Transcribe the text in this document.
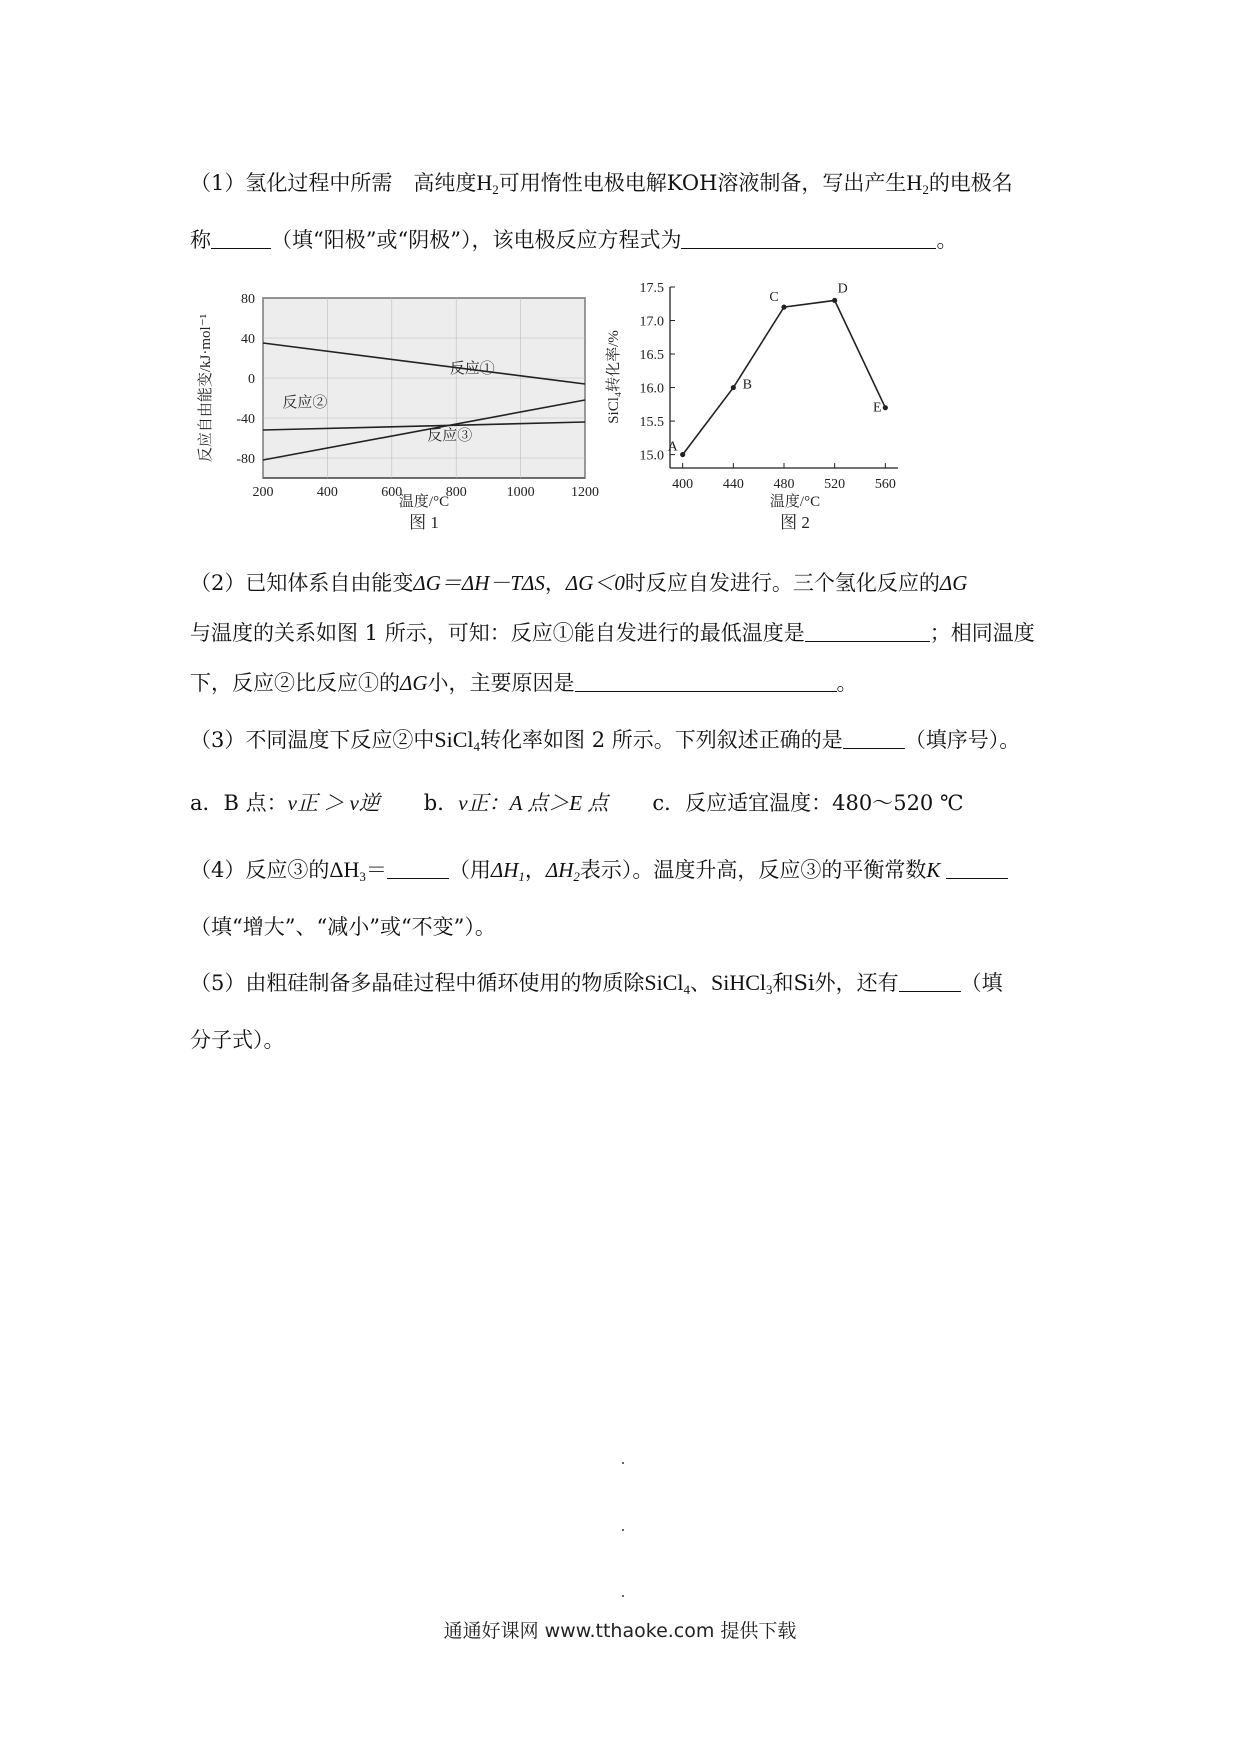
（1）氢化过程中所需　高纯度$H_2$可用惰性电极电解KOH溶液制备，写出产生$H_2$的电极名
称	（填“阳极”或“阴极”），该电极反应方程式为	。
80
40
0
-40
-80
200	400	600	800	1000	1200
反应①
反应②
反应③
反应自由能变/kJ·mol⁻¹
温度/°C
图 1
A
B
C
D
E
17.5
17.0
16.5
16.0
15.5
15.0
400 440 480 520 560
SiCl₄转化率/%
温度/°C
图 2
（2）已知体系自由能变ΔG＝ΔH－TΔS，ΔG＜0时反应自发进行。三个氢化反应的ΔG
与温度的关系如图 1 所示，可知：反应①能自发进行的最低温度是	；相同温度
下，反应②比反应①的ΔG小，主要原因是	。
（3）不同温度下反应②中SiCl$_4$转化率如图 2 所示。下列叙述正确的是	（填序号）。
a．B 点：v正 ＞ v逆 b．v正：A 点＞E 点 c．反应适宜温度：480～520 ℃
（4）反应③的$\Delta H_3=$	（用$\Delta H_1$，$\Delta H_2$表示）。温度升高，反应③的平衡常数K
（填“增大”、“减小”或“不变”）。
（5）由粗硅制备多晶硅过程中循环使用的物质除SiCl$_4$、SiHCl$_3$和Si外，还有	（填
分子式）。
通通好课网 www.tthaoke.com 提供下载
